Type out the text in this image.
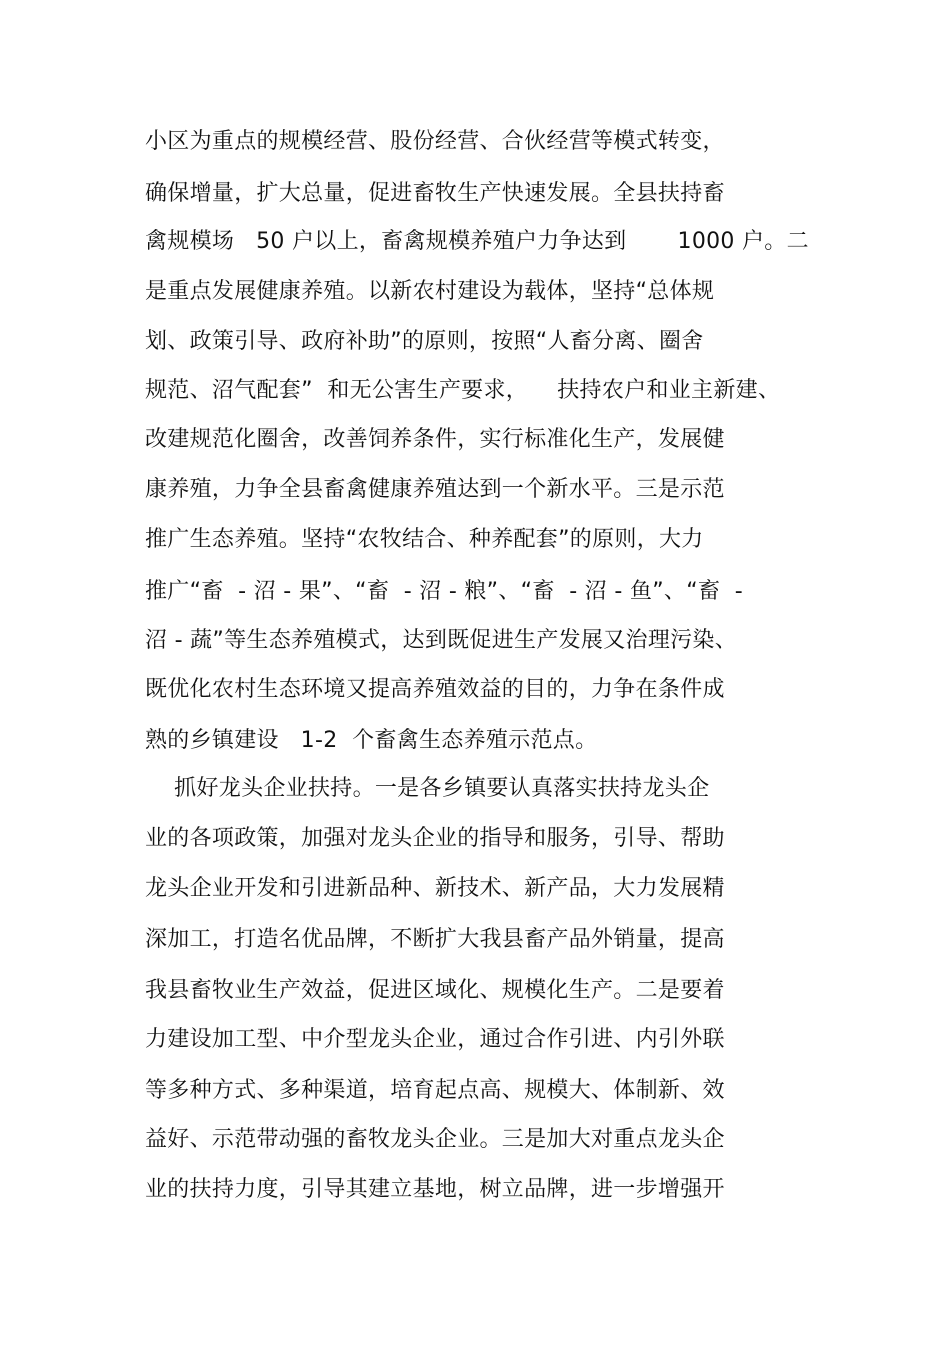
小区为重点的规模经营、股份经营、合伙经营等模式转变，
确保增量，扩大总量，促进畜牧生产快速发展。全县扶持畜
禽规模场   50 户以上，畜禽规模养殖户力争达到       1000 户。二
是重点发展健康养殖。以新农村建设为载体，坚持“总体规
划、政策引导、政府补助”的原则，按照“人畜分离、圈舍
规范、沼气配套”  和无公害生产要求，    扶持农户和业主新建、
改建规范化圈舍，改善饲养条件，实行标准化生产，发展健
康养殖，力争全县畜禽健康养殖达到一个新水平。三是示范
推广生态养殖。坚持“农牧结合、种养配套”的原则，大力
推广“畜  - 沼 - 果”、“畜  - 沼 - 粮”、“畜  - 沼 - 鱼”、“畜  -
沼 - 蔬”等生态养殖模式，达到既促进生产发展又治理污染、
既优化农村生态环境又提高养殖效益的目的，力争在条件成
熟的乡镇建设   1-2  个畜禽生态养殖示范点。
抓好龙头企业扶持。一是各乡镇要认真落实扶持龙头企
业的各项政策，加强对龙头企业的指导和服务，引导、帮助
龙头企业开发和引进新品种、新技术、新产品，大力发展精
深加工，打造名优品牌，不断扩大我县畜产品外销量，提高
我县畜牧业生产效益，促进区域化、规模化生产。二是要着
力建设加工型、中介型龙头企业，通过合作引进、内引外联
等多种方式、多种渠道，培育起点高、规模大、体制新、效
益好、示范带动强的畜牧龙头企业。三是加大对重点龙头企
业的扶持力度，引导其建立基地，树立品牌，进一步增强开
